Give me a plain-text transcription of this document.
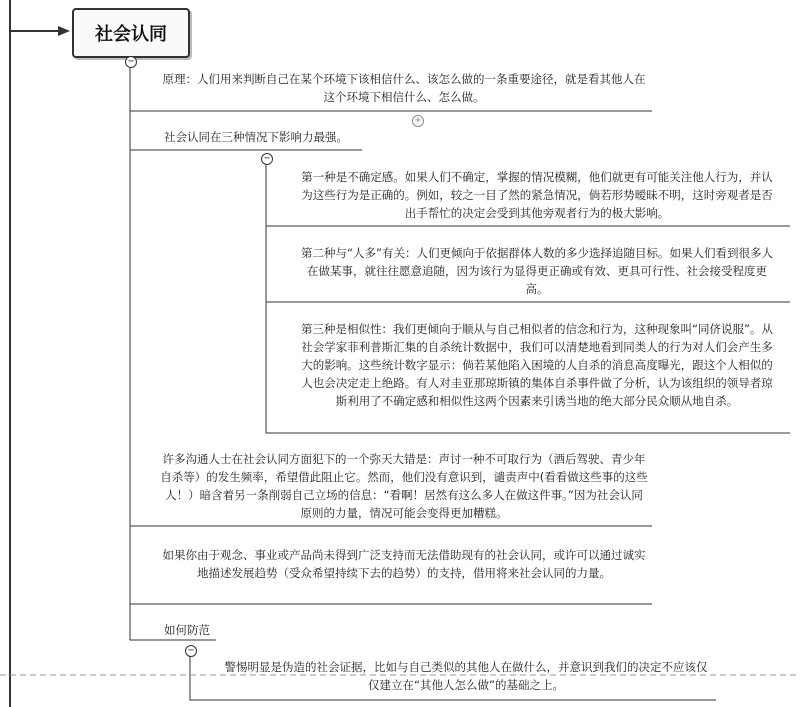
社会认同
−
+
−
−
原理：人们用来判断自己在某个环境下该相信什么、该怎么做的一条重要途径，就是看其他人在这个环境下相信什么、怎么做。
社会认同在三种情况下影响力最强。
第一种是不确定感。如果人们不确定，掌握的情况模糊，他们就更有可能关注他人行为，并认为这些行为是正确的。例如，较之一目了然的紧急情况，倘若形势暧昧不明，这时旁观者是否出手帮忙的决定会受到其他旁观者行为的极大影响。
第二种与“人多”有关：人们更倾向于依据群体人数的多少选择追随目标。如果人们看到很多人在做某事，就往往愿意追随，因为该行为显得更正确或有效、更具可行性、社会接受程度更高。
第三种是相似性：我们更倾向于顺从与自己相似者的信念和行为，这种现象叫“同侪说服”。从社会学家菲利普斯汇集的自杀统计数据中，我们可以清楚地看到同类人的行为对人们会产生多大的影响。这些统计数字显示：倘若某他陷入困境的人自杀的消息高度曝光，跟这个人相似的人也会决定走上绝路。有人对圭亚那琼斯镇的集体自杀事件做了分析，认为该组织的领导者琼斯利用了不确定感和相似性这两个因素来引诱当地的绝大部分民众顺从地自杀。
许多沟通人士在社会认同方面犯下的一个弥天大错是：声讨一种不可取行为（酒后驾驶、青少年自杀等）的发生频率，希望借此阻止它。然而，他们没有意识到，谴责声中(看看做这些事的这些人！）暗含着另一条削弱自己立场的信息：“看啊！居然有这么多人在做这件事。”因为社会认同原则的力量，情况可能会变得更加糟糕。
如果你由于观念、事业或产品尚未得到广泛支持而无法借助现有的社会认同，或许可以通过诚实地描述发展趋势（受众希望持续下去的趋势）的支持，借用将来社会认同的力量。
如何防范
警惕明显是伪造的社会证据，比如与自己类似的其他人在做什么，并意识到我们的决定不应该仅仅建立在“其他人怎么做”的基础之上。
